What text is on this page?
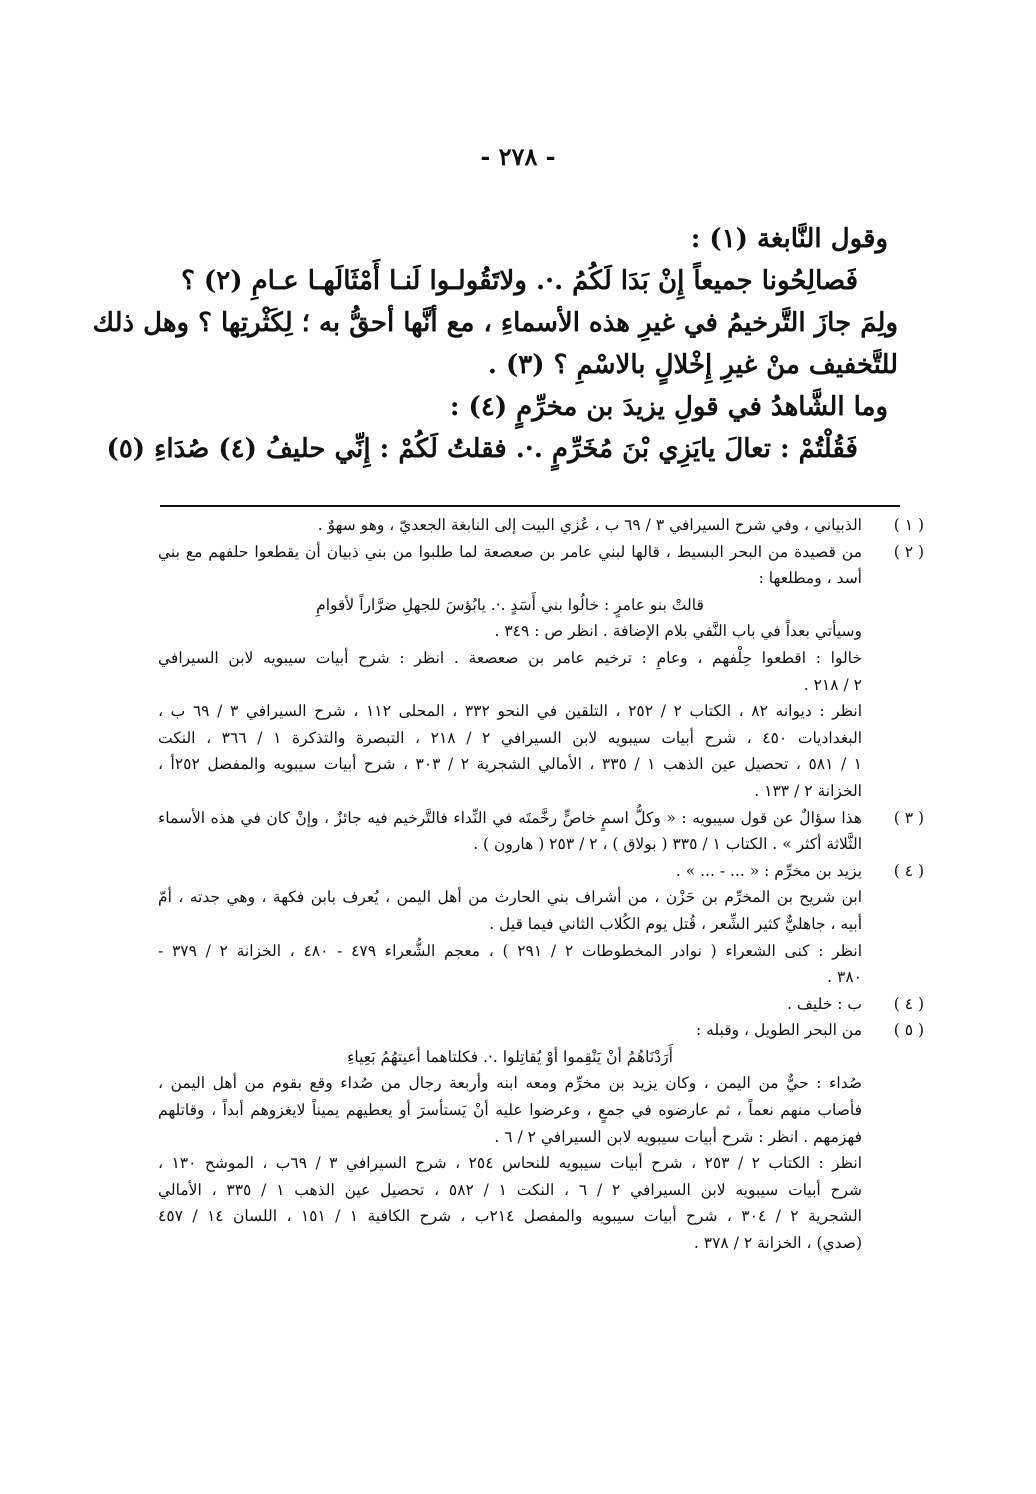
- ٢٧٨ -
وقول النَّابغة (١) :
فَصالِحُونا جميعاً إِنْ بَدَا لَكُمُ .·. ولاتَقُولـوا لَنـا أَمْثَالَهـا عـامِ (٢) ؟
ولِمَ جازَ التَّرخيمُ في غيرِ هذه الأسماءِ ، مع أنَّها أحقُّ به ؛ لِكَثْرتِها ؟ وهل ذلك
للتَّخفيف منْ غيرِ إِخْلالٍ بالاسْمِ ؟ (٣) .
وما الشَّاهدُ في قولِ يزيدَ بن مخرِّمٍ (٤) :
فَقُلْتُمْ : تعالَ يايَزِي بْنَ مُخَرِّمٍ .·. فقلتُ لَكُمْ : إِنِّي حليفُ (٤) صُدَاءِ (٥)
( ١ )
الذبياني ، وفي شرح السيرافي ٣ / ٦٩ ب ، عُزي البيت إلى النابغة الجعديّ ، وهو سهوٌ .
( ٢ )
من قصيدة من البحر البسيط ، قالها لبني عامر بن صعصعة لما طلبوا من بني ذبيان أن يقطعوا حلفهم مع بني
أسد ، ومطلعها :
قالتْ بنو عامرٍ : خالُوا بني أَسَدٍ .·. يابُؤسَ للجهلِ ضرَّاراً لأقوامِ
وسيأتي بعداً في باب النَّفي بلام الإضافة . انظر ص : ٣٤٩ .
خالوا : اقطعوا حِلْفهم ، وعامِ : ترخيم عامر بن صعصعة . انظر : شرح أبيات سيبويه لابن السيرافي
٢ / ٢١٨ .
انظر : ديوانه ٨٢ ، الكتاب ٢ / ٢٥٢ ، التلقين في النحو ٣٣٢ ، المحلى ١١٢ ، شرح السيرافي ٣ / ٦٩ ب ،
البغداديات ٤٥٠ ، شرح أبيات سيبويه لابن السيرافي ٢ / ٢١٨ ، التبصرة والتذكرة ١ / ٣٦٦ ، النكت
١ / ٥٨١ ، تحصيل عين الذهب ١ / ٣٣٥ ، الأمالي الشجرية ٢ / ٣٠٣ ، شرح أبيات سيبويه والمفصل ٢٥٢أ ،
الخزانة ٢ / ١٣٣ .
( ٣ )
هذا سؤالٌ عن قول سيبويه : « وكلُّ اسمٍ خاصٍّ رخَّمتَه في النِّداء فالتَّرخيم فيه جائزٌ ، وإنْ كان في هذه الأسماء
الثَّلاثة أكثر » . الكتاب ١ / ٣٣٥ ( بولاق ) ، ٢ / ٢٥٣ ( هارون ) .
( ٤ )
يزيد بن مخرِّم : « ... - ... » .
ابن شريح بن المخرِّم بن حَزْن ، من أشراف بني الحارث من أهل اليمن ، يُعرف بابن فكهة ، وهي جدته ، أمّ
أبيه ، جاهليٌّ كثير الشِّعر ، قُتل يوم الكُلاب الثاني فيما قيل .
انظر : كنى الشعراء ( نوادر المخطوطات ٢ / ٢٩١ ) ، معجم الشُّعراء ٤٧٩ - ٤٨٠ ، الخزانة ٢ / ٣٧٩ -
٣٨٠ .
( ٤ )
ب : خليف .
( ٥ )
من البحر الطويل ، وقبله :
أَرَدْنَاهُمُ أنْ يَنْقِموا أوْ يُقاتِلوا .·. فكلتاهما أعيتهُمُ بَعِياءِ
صُداء : حيٌّ من اليمن ، وكان يزيد بن مخرِّم ومعه ابنه وأربعة رجال من صُداء وقع بقوم من أهل اليمن ،
فأصاب منهم نعماً ، ثم عارضوه في جمعٍ ، وعرضوا عليه أنْ يَستأسرَ أو يعطيهم يميناً لايغزوهم أبداً ، وقاتلهم
فهزمهم . انظر : شرح أبيات سيبويه لابن السيرافي ٢ / ٦ .
انظر : الكتاب ٢ / ٢٥٣ ، شرح أبيات سيبويه للنحاس ٢٥٤ ، شرح السيرافي ٣ / ٦٩ب ، الموشح ١٣٠ ،
شرح أبيات سيبويه لابن السيرافي ٢ / ٦ ، النكت ١ / ٥٨٢ ، تحصيل عين الذهب ١ / ٣٣٥ ، الأمالي
الشجرية ٢ / ٣٠٤ ، شرح أبيات سيبويه والمفصل ٢١٤ب ، شرح الكافية ١ / ١٥١ ، اللسان ١٤ / ٤٥٧
(صدي) ، الخزانة ٢ / ٣٧٨ .
